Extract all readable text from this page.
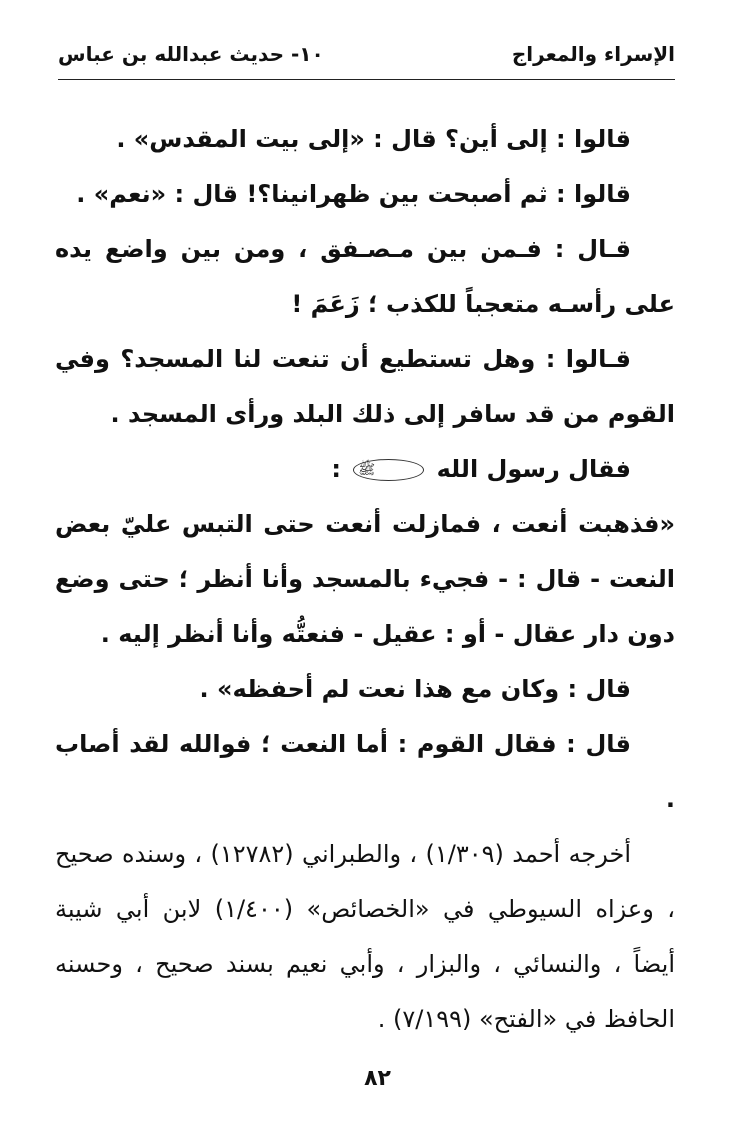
الإسراء والمعراج
١٠- حديث عبدالله بن عباس

قالوا : إلى أين؟ قال : «إلى بيت المقدس» .

قالوا : ثم أصبحت بين ظهرانينا؟! قال : «نعم» .

قـال : فـمن بين مـصـفق ، ومن بين واضع يده على رأسـه متعجباً للكذب ؛ زَعَمَ !

قـالوا : وهل تستطيع أن تنعت لنا المسجد؟ وفي القوم من قد سافر إلى ذلك البلد ورأى المسجد .

فقال رسول الله ﷺ :

«فذهبت أنعت ، فمازلت أنعت حتى التبس عليّ بعض النعت - قال : - فجيء بالمسجد وأنا أنظر ؛ حتى وضع دون دار عقال - أو : عقيل - فنعتُّه وأنا أنظر إليه .

قال : وكان مع هذا نعت لم أحفظه» .

قال : فقال القوم : أما النعت ؛ فوالله لقد أصاب .

أخرجه أحمد (١/٣٠٩) ، والطبراني (١٢٧٨٢) ، وسنده صحيح ، وعزاه السيوطي في «الخصائص» (١/٤٠٠) لابن أبي شيبة أيضاً ، والنسائي ، والبزار ، وأبي نعيم بسند صحيح ، وحسنه الحافظ في «الفتح» (٧/١٩٩) .

٨٢
